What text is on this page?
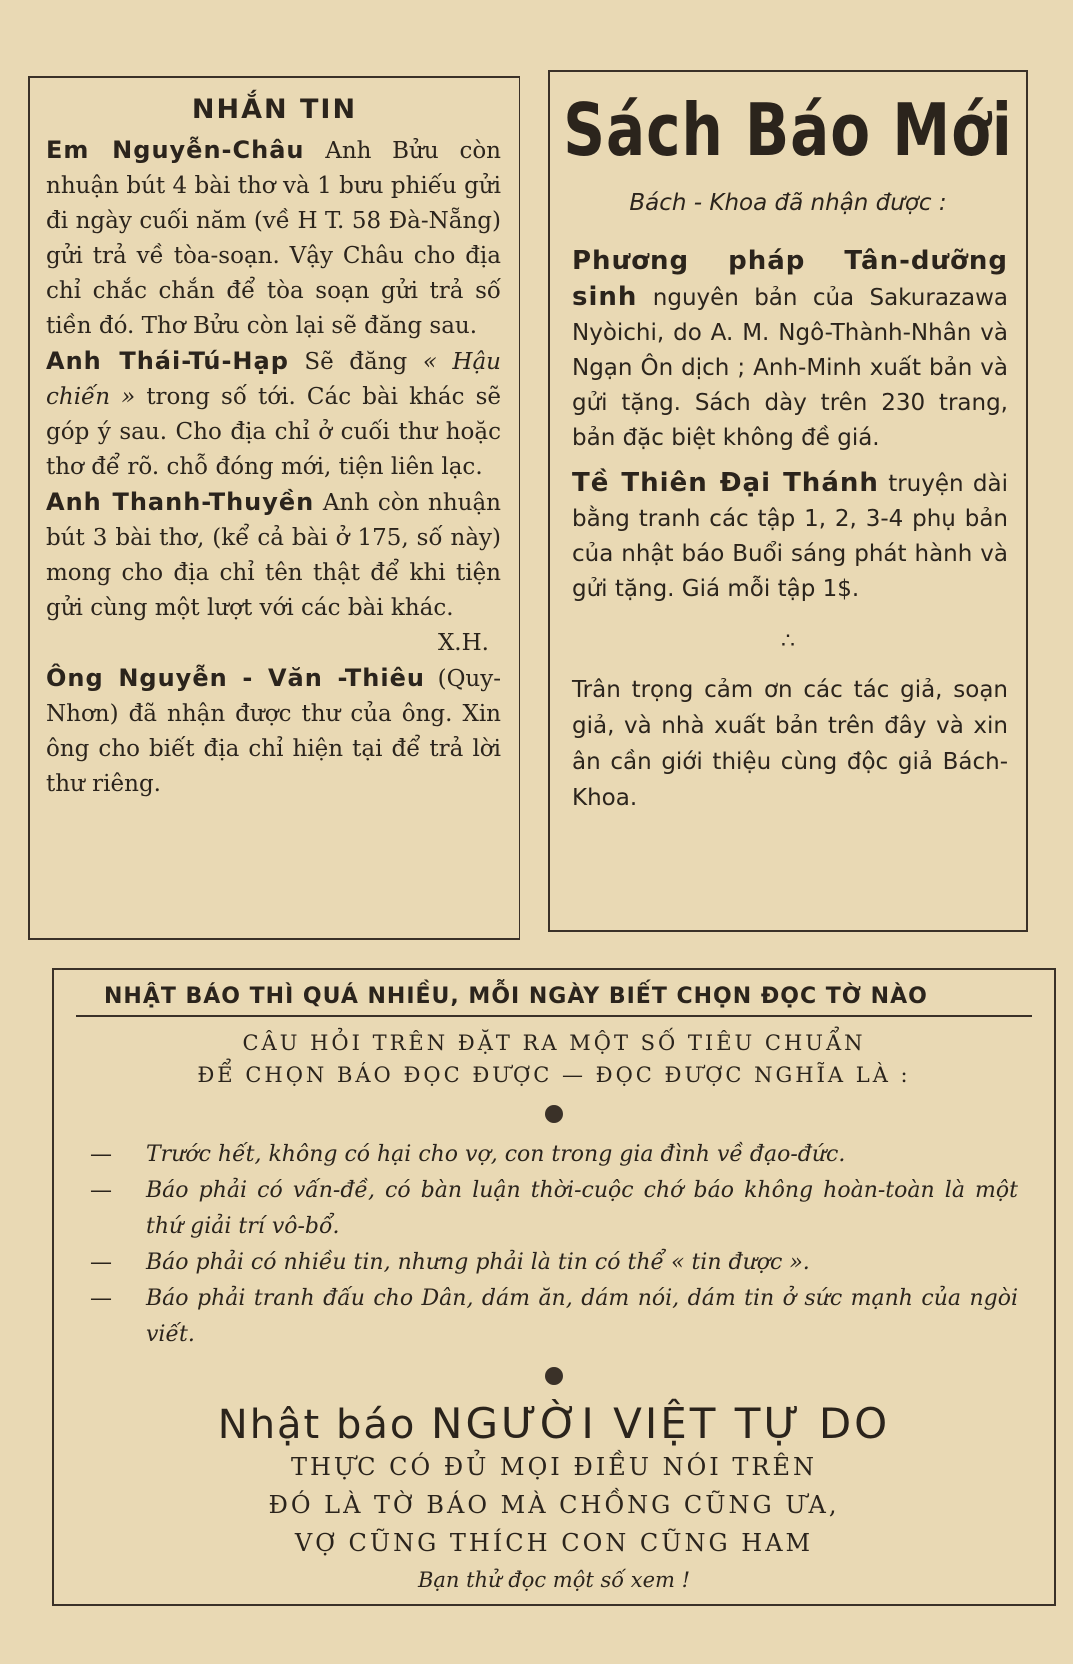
NHẮN TIN

Em Nguyễn-Châu Anh Bửu còn nhuận bút 4 bài thơ và 1 bưu phiếu gửi đi ngày cuối năm (về H T. 58 Đà-Nẵng) gửi trả về tòa-soạn. Vậy Châu cho địa chỉ chắc chắn để tòa soạn gửi trả số tiền đó. Thơ Bửu còn lại sẽ đăng sau.

Anh Thái-Tú-Hạp Sẽ đăng « Hậu chiến » trong số tới. Các bài khác sẽ góp ý sau. Cho địa chỉ ở cuối thư hoặc thơ để rõ. chỗ đóng mới, tiện liên lạc.

Anh Thanh-Thuyền Anh còn nhuận bút 3 bài thơ, (kể cả bài ở 175, số này) mong cho địa chỉ tên thật để khi tiện gửi cùng một lượt với các bài khác.

X.H.

Ông Nguyễn - Văn -Thiêu (Quy-Nhơn) đã nhận được thư của ông. Xin ông cho biết địa chỉ hiện tại để trả lời thư riêng.

Sách Báo Mới
Bách - Khoa đã nhận được :

Phương pháp Tân-dưỡng sinh nguyên bản của Sakurazawa Nyòichi, do A. M. Ngô-Thành-Nhân và Ngạn Ôn dịch ; Anh-Minh xuất bản và gửi tặng. Sách dày trên 230 trang, bản đặc biệt không đề giá.

Tề Thiên Đại Thánh truyện dài bằng tranh các tập 1, 2, 3-4 phụ bản của nhật báo Buổi sáng phát hành và gửi tặng. Giá mỗi tập 1$.

∴
Trân trọng cảm ơn các tác giả, soạn giả, và nhà xuất bản trên đây và xin ân cần giới thiệu cùng độc giả Bách-Khoa.
NHẬT BÁO THÌ QUÁ NHIỀU, MỖI NGÀY BIẾT CHỌN ĐỌC TỜ NÀO
CÂU HỎI TRÊN ĐẶT RA MỘT SỐ TIÊU CHUẨN
ĐỂ CHỌN BÁO ĐỌC ĐƯỢC — ĐỌC ĐƯỢC NGHĨA LÀ :
—	Trước hết, không có hại cho vợ, con trong gia đình về đạo-đức.
—	Báo phải có vấn-đề, có bàn luận thời-cuộc chớ báo không hoàn-toàn là một thứ giải trí vô-bổ.
—	Báo phải có nhiều tin, nhưng phải là tin có thể « tin được ».
—	Báo phải tranh đấu cho Dân, dám ăn, dám nói, dám tin ở sức mạnh của ngòi viết.
Nhật báo NGƯỜI VIỆT TỰ DO
THỰC CÓ ĐỦ MỌI ĐIỀU NÓI TRÊN
ĐÓ LÀ TỜ BÁO MÀ CHỒNG CŨNG ƯA,
VỢ CŨNG THÍCH CON CŨNG HAM
Bạn thử đọc một số xem !
